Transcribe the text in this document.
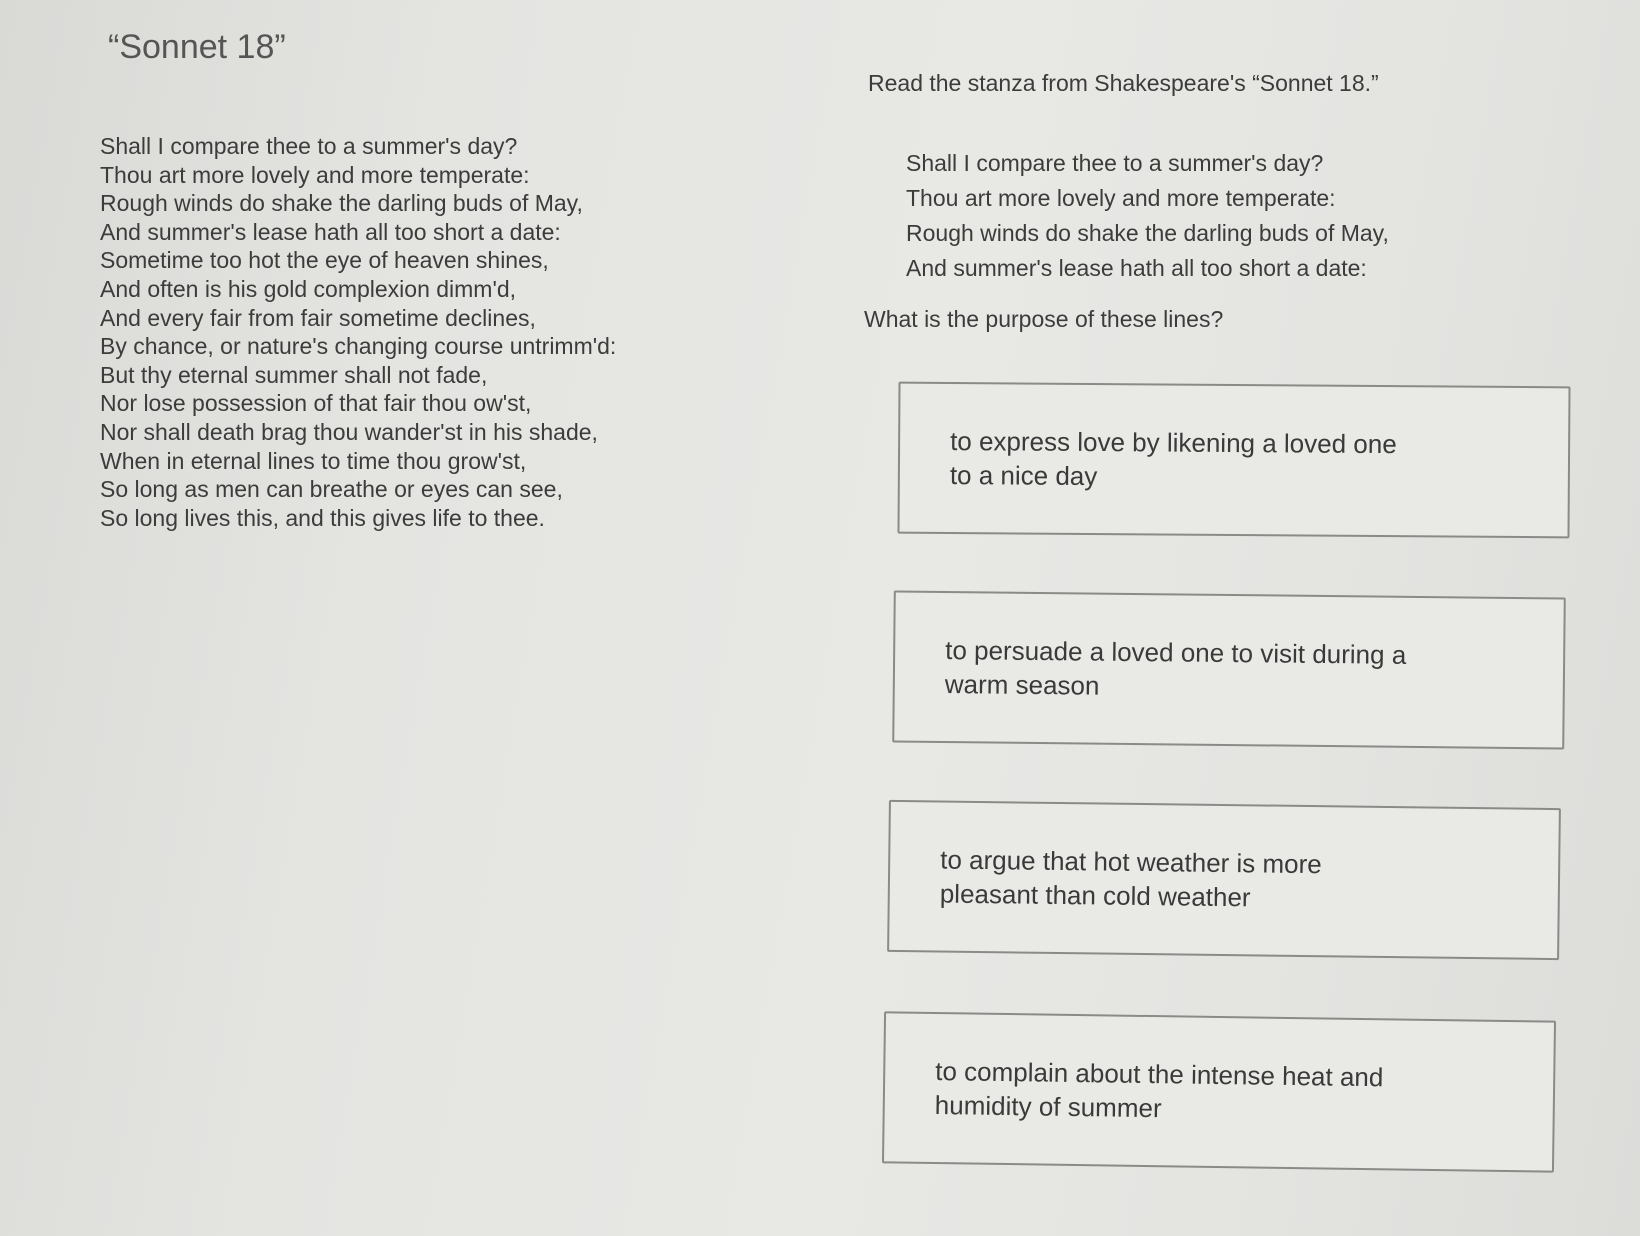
“Sonnet 18”
Shall I compare thee to a summer's day?
Thou art more lovely and more temperate:
Rough winds do shake the darling buds of May,
And summer's lease hath all too short a date:
Sometime too hot the eye of heaven shines,
And often is his gold complexion dimm'd,
And every fair from fair sometime declines,
By chance, or nature's changing course untrimm'd:
But thy eternal summer shall not fade,
Nor lose possession of that fair thou ow'st,
Nor shall death brag thou wander'st in his shade,
When in eternal lines to time thou grow'st,
So long as men can breathe or eyes can see,
So long lives this, and this gives life to thee.
Read the stanza from Shakespeare's “Sonnet 18.”
Shall I compare thee to a summer's day?
Thou art more lovely and more temperate:
Rough winds do shake the darling buds of May,
And summer's lease hath all too short a date:
What is the purpose of these lines?
to express love by likening a loved one to a nice day
to persuade a loved one to visit during a warm season
to argue that hot weather is more pleasant than cold weather
to complain about the intense heat and humidity of summer
